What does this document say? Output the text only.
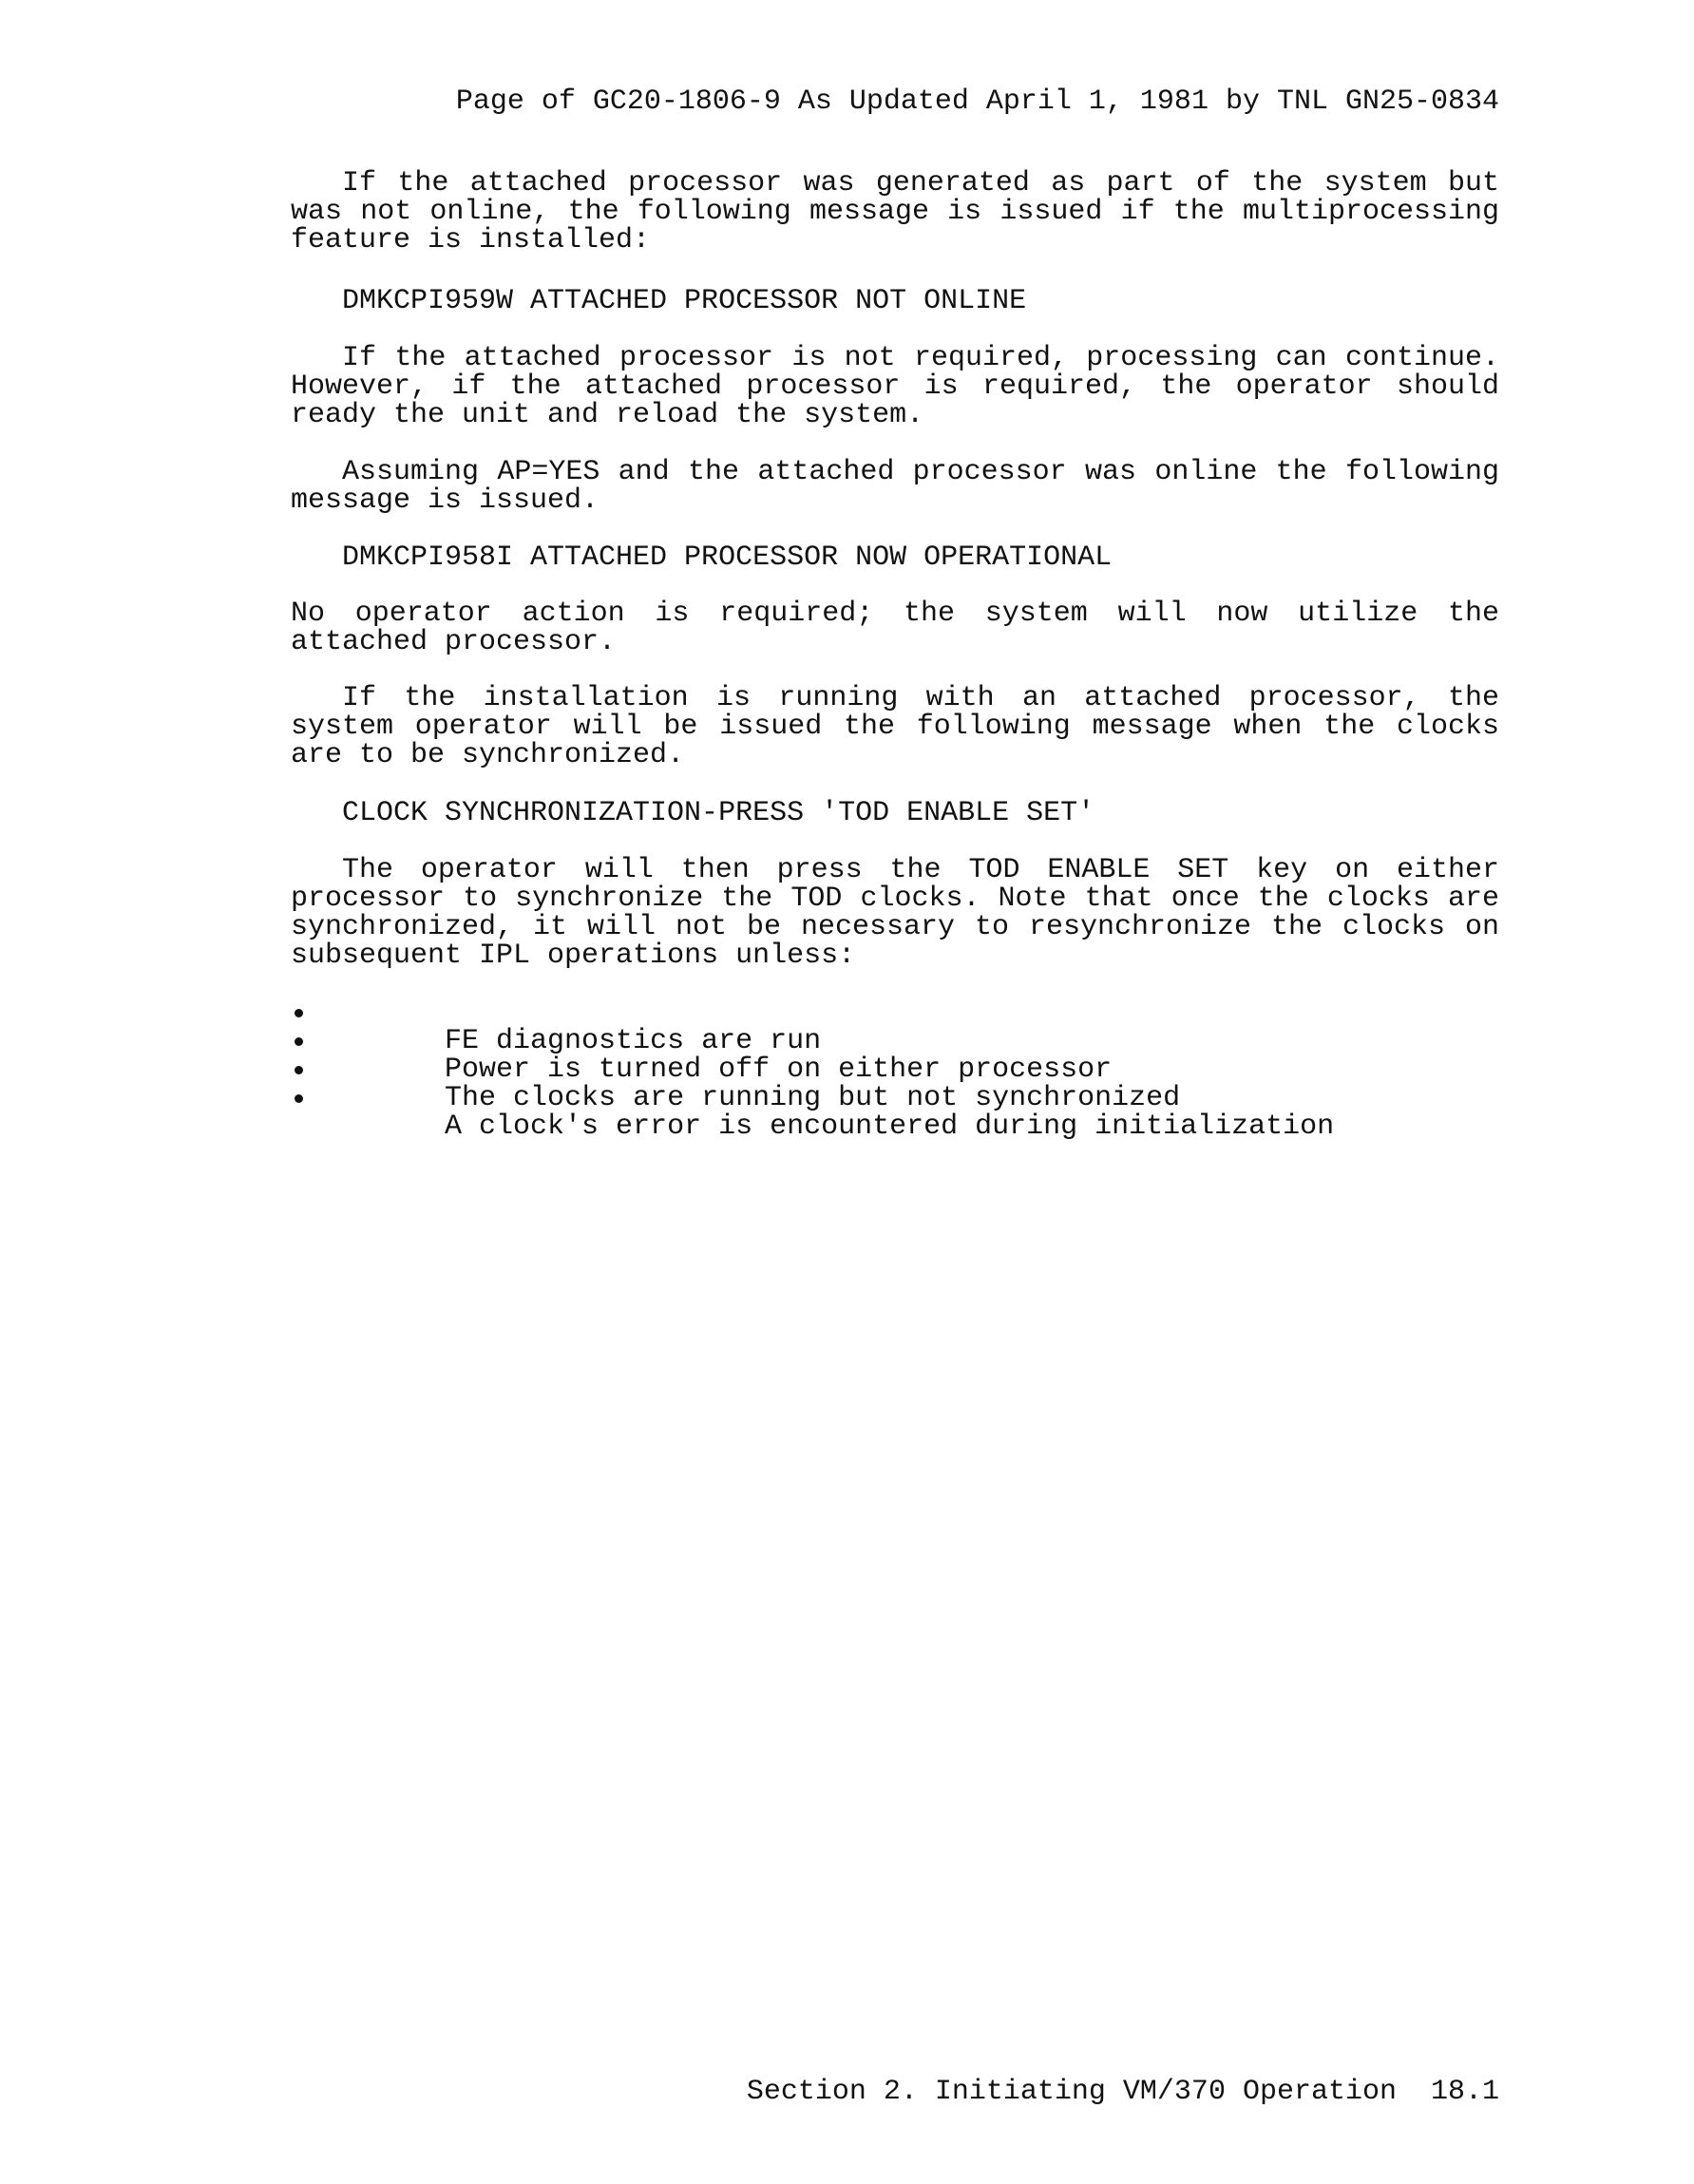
Page of GC20-1806-9 As Updated April 1, 1981 by TNL GN25-0834

If the attached processor was generated as part of the system but was not online, the following message is issued if the multiprocessing feature is installed:

DMKCPI959W ATTACHED PROCESSOR NOT ONLINE

If the attached processor is not required, processing can continue. However, if the attached processor is required, the operator should ready the unit and reload the system.

Assuming AP=YES and the attached processor was online the following message is issued.

DMKCPI958I ATTACHED PROCESSOR NOW OPERATIONAL

No operator action is required; the system will now utilize the attached processor.

If the installation is running with an attached processor, the system operator will be issued the following message when the clocks are to be synchronized.

CLOCK SYNCHRONIZATION-PRESS 'TOD ENABLE SET'

The operator will then press the TOD ENABLE SET key on either processor to synchronize the TOD clocks. Note that once the clocks are synchronized, it will not be necessary to resynchronize the clocks on subsequent IPL operations unless:

FE diagnostics are run

Power is turned off on either processor

The clocks are running but not synchronized

A clock's error is encountered during initialization

Section 2. Initiating VM/370 Operation  18.1
